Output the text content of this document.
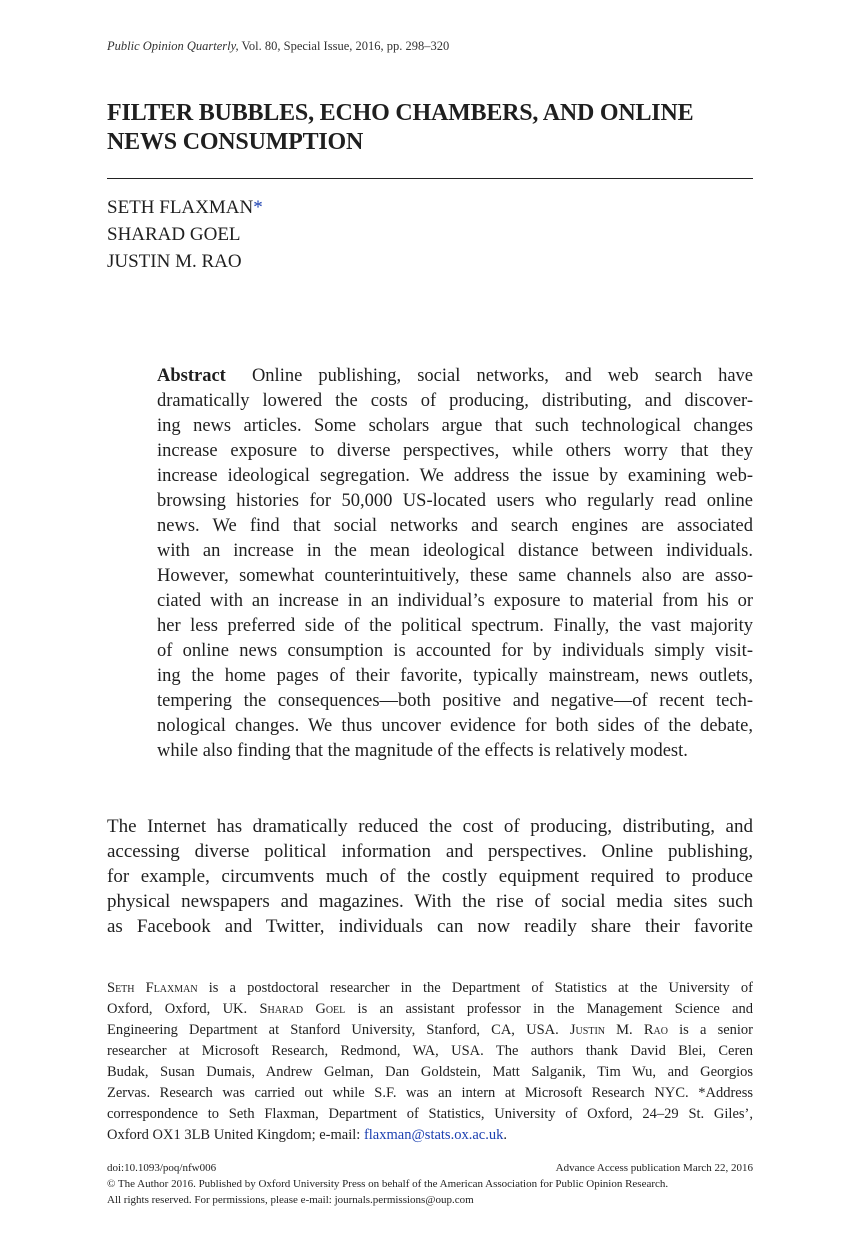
Public Opinion Quarterly, Vol. 80, Special Issue, 2016, pp. 298–320
FILTER BUBBLES, ECHO CHAMBERS, AND ONLINE
NEWS CONSUMPTION
SETH FLAXMAN*
SHARAD GOEL
JUSTIN M. RAO
Abstract Online publishing, social networks, and web search have
dramatically lowered the costs of producing, distributing, and discover-
ing news articles. Some scholars argue that such technological changes
increase exposure to diverse perspectives, while others worry that they
increase ideological segregation. We address the issue by examining web-
browsing histories for 50,000 US-located users who regularly read online
news. We find that social networks and search engines are associated
with an increase in the mean ideological distance between individuals.
However, somewhat counterintuitively, these same channels also are asso-
ciated with an increase in an individual’s exposure to material from his or
her less preferred side of the political spectrum. Finally, the vast majority
of online news consumption is accounted for by individuals simply visit-
ing the home pages of their favorite, typically mainstream, news outlets,
tempering the consequences—both positive and negative—of recent tech-
nological changes. We thus uncover evidence for both sides of the debate,
while also finding that the magnitude of the effects is relatively modest.
The Internet has dramatically reduced the cost of producing, distributing, and
accessing diverse political information and perspectives. Online publishing,
for example, circumvents much of the costly equipment required to produce
physical newspapers and magazines. With the rise of social media sites such
as Facebook and Twitter, individuals can now readily share their favorite
Seth Flaxman is a postdoctoral researcher in the Department of Statistics at the University of
Oxford, Oxford, UK. Sharad Goel is an assistant professor in the Management Science and
Engineering Department at Stanford University, Stanford, CA, USA. Justin M. Rao is a senior
researcher at Microsoft Research, Redmond, WA, USA. The authors thank David Blei, Ceren
Budak, Susan Dumais, Andrew Gelman, Dan Goldstein, Matt Salganik, Tim Wu, and Georgios
Zervas. Research was carried out while S.F. was an intern at Microsoft Research NYC. *Address
correspondence to Seth Flaxman, Department of Statistics, University of Oxford, 24–29 St. Giles’,
Oxford OX1 3LB United Kingdom; e-mail: flaxman@stats.ox.ac.uk.
doi:10.1093/poq/nfw006	Advance Access publication March 22, 2016
© The Author 2016. Published by Oxford University Press on behalf of the American Association for Public Opinion Research.
All rights reserved. For permissions, please e-mail: journals.permissions@oup.com
